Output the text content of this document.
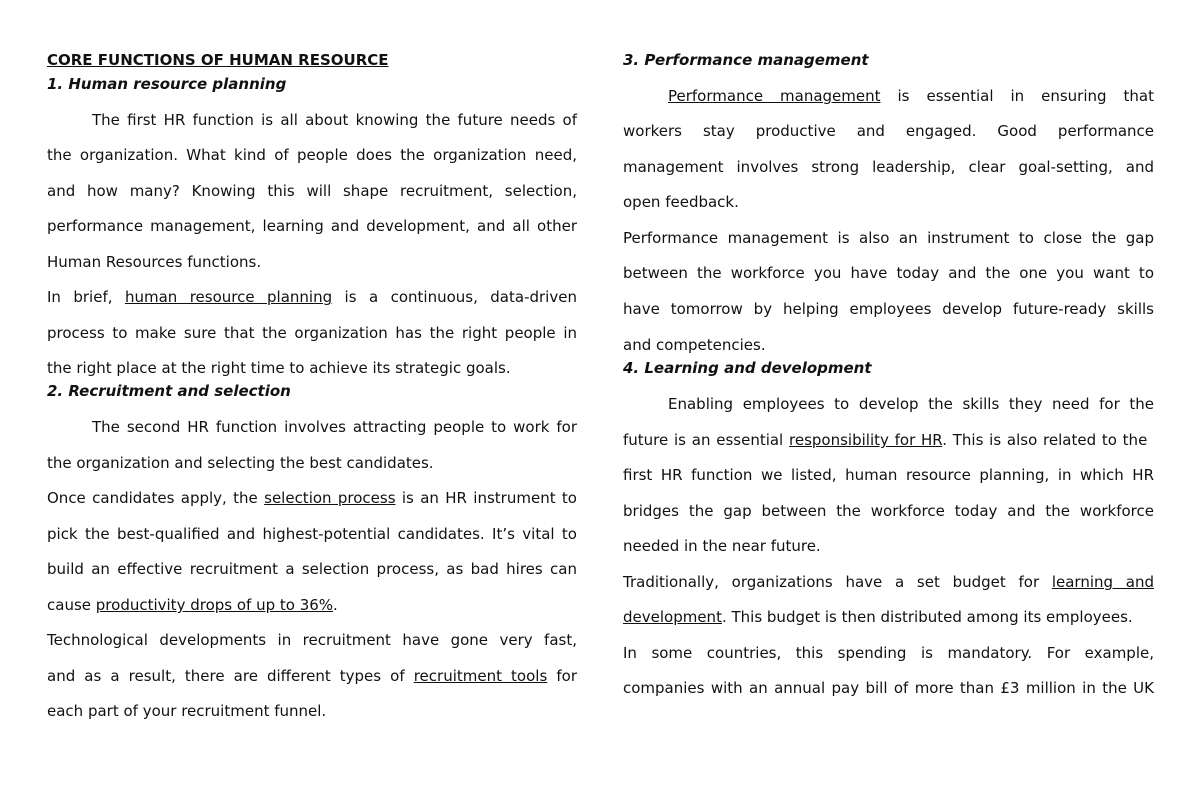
CORE FUNCTIONS OF HUMAN RESOURCE
1. Human resource planning
The first HR function is all about knowing the future needs of
the organization. What kind of people does the organization need,
and how many? Knowing this will shape recruitment, selection,
performance management, learning and development, and all other
Human Resources functions.
In brief, human resource planning is a continuous, data-driven
process to make sure that the organization has the right people in
the right place at the right time to achieve its strategic goals.
2. Recruitment and selection
The second HR function involves attracting people to work for
the organization and selecting the best candidates.
Once candidates apply, the selection process is an HR instrument to
pick the best-qualified and highest-potential candidates. It’s vital to
build an effective recruitment a selection process, as bad hires can
cause productivity drops of up to 36%.
Technological developments in recruitment have gone very fast,
and as a result, there are different types of recruitment tools for
each part of your recruitment funnel.
3. Performance management
Performance management is essential in ensuring that
workers stay productive and engaged. Good performance
management involves strong leadership, clear goal-setting, and
open feedback.
Performance management is also an instrument to close the gap
between the workforce you have today and the one you want to
have tomorrow by helping employees develop future-ready skills
and competencies.
4. Learning and development
Enabling employees to develop the skills they need for the
future is an essential responsibility for HR. This is also related to the
first HR function we listed, human resource planning, in which HR
bridges the gap between the workforce today and the workforce
needed in the near future.
Traditionally, organizations have a set budget for learning and
development. This budget is then distributed among its employees.
In some countries, this spending is mandatory. For example,
companies with an annual pay bill of more than £3 million in the UK
